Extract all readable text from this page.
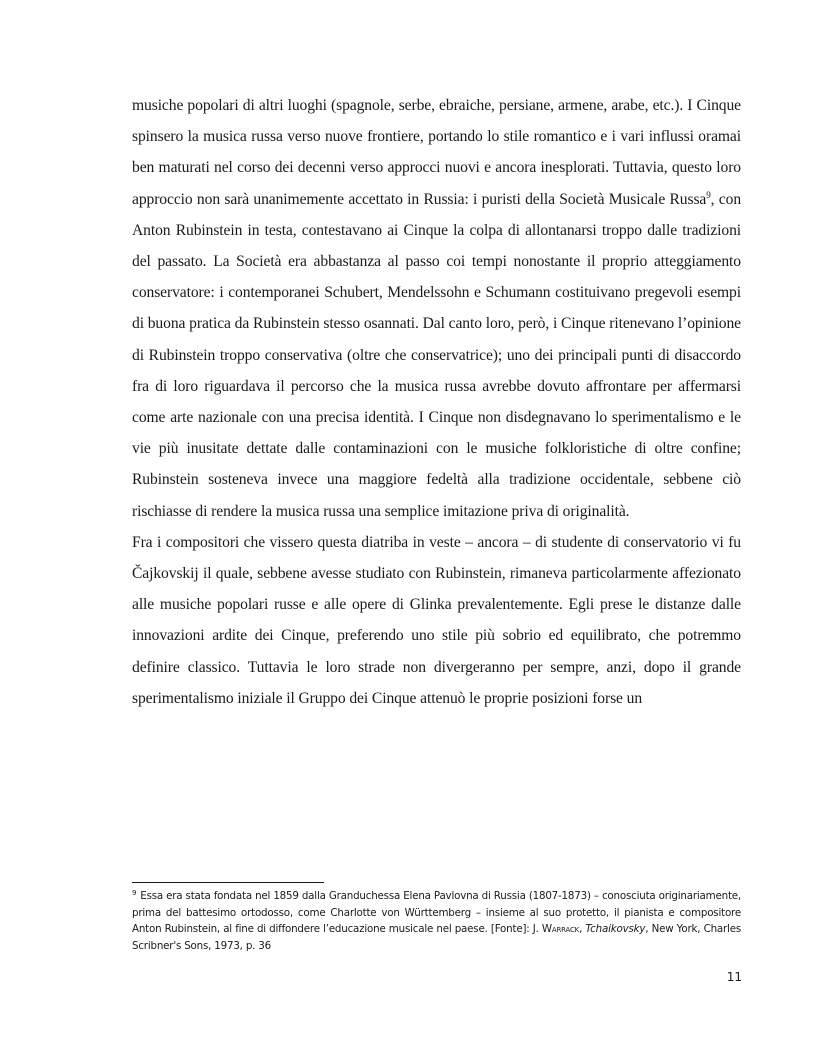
musiche popolari di altri luoghi (spagnole, serbe, ebraiche, persiane, armene, arabe, etc.). I Cinque spinsero la musica russa verso nuove frontiere, portando lo stile romantico e i vari influssi oramai ben maturati nel corso dei decenni verso approcci nuovi e ancora inesplorati. Tuttavia, questo loro approccio non sarà unanimemente accettato in Russia: i puristi della Società Musicale Russa$^9$, con Anton Rubinstein in testa, contestavano ai Cinque la colpa di allontanarsi troppo dalle tradizioni del passato. La Società era abbastanza al passo coi tempi nonostante il proprio atteggiamento conservatore: i contemporanei Schubert, Mendelssohn e Schumann costituivano pregevoli esempi di buona pratica da Rubinstein stesso osannati. Dal canto loro, però, i Cinque ritenevano l’opinione di Rubinstein troppo conservativa (oltre che conservatrice); uno dei principali punti di disaccordo fra di loro riguardava il percorso che la musica russa avrebbe dovuto affrontare per affermarsi come arte nazionale con una precisa identità. I Cinque non disdegnavano lo sperimentalismo e le vie più inusitate dettate dalle contaminazioni con le musiche folkloristiche di oltre confine; Rubinstein sosteneva invece una maggiore fedeltà alla tradizione occidentale, sebbene ciò rischiasse di rendere la musica russa una semplice imitazione priva di originalità.

Fra i compositori che vissero questa diatriba in veste – ancora – di studente di conservatorio vi fu Čajkovskij il quale, sebbene avesse studiato con Rubinstein, rimaneva particolarmente affezionato alle musiche popolari russe e alle opere di Glinka prevalentemente. Egli prese le distanze dalle innovazioni ardite dei Cinque, preferendo uno stile più sobrio ed equilibrato, che potremmo definire classico. Tuttavia le loro strade non divergeranno per sempre, anzi, dopo il grande sperimentalismo iniziale il Gruppo dei Cinque attenuò le proprie posizioni forse un

$^9$ Essa era stata fondata nel 1859 dalla Granduchessa Elena Pavlovna di Russia (1807-1873) – conosciuta originariamente, prima del battesimo ortodosso, come Charlotte von Württemberg – insieme al suo protetto, il pianista e compositore Anton Rubinstein, al fine di diffondere l’educazione musicale nel paese. [Fonte]: J. Warrack, Tchaikovsky, New York, Charles Scribner's Sons, 1973, p. 36
11
